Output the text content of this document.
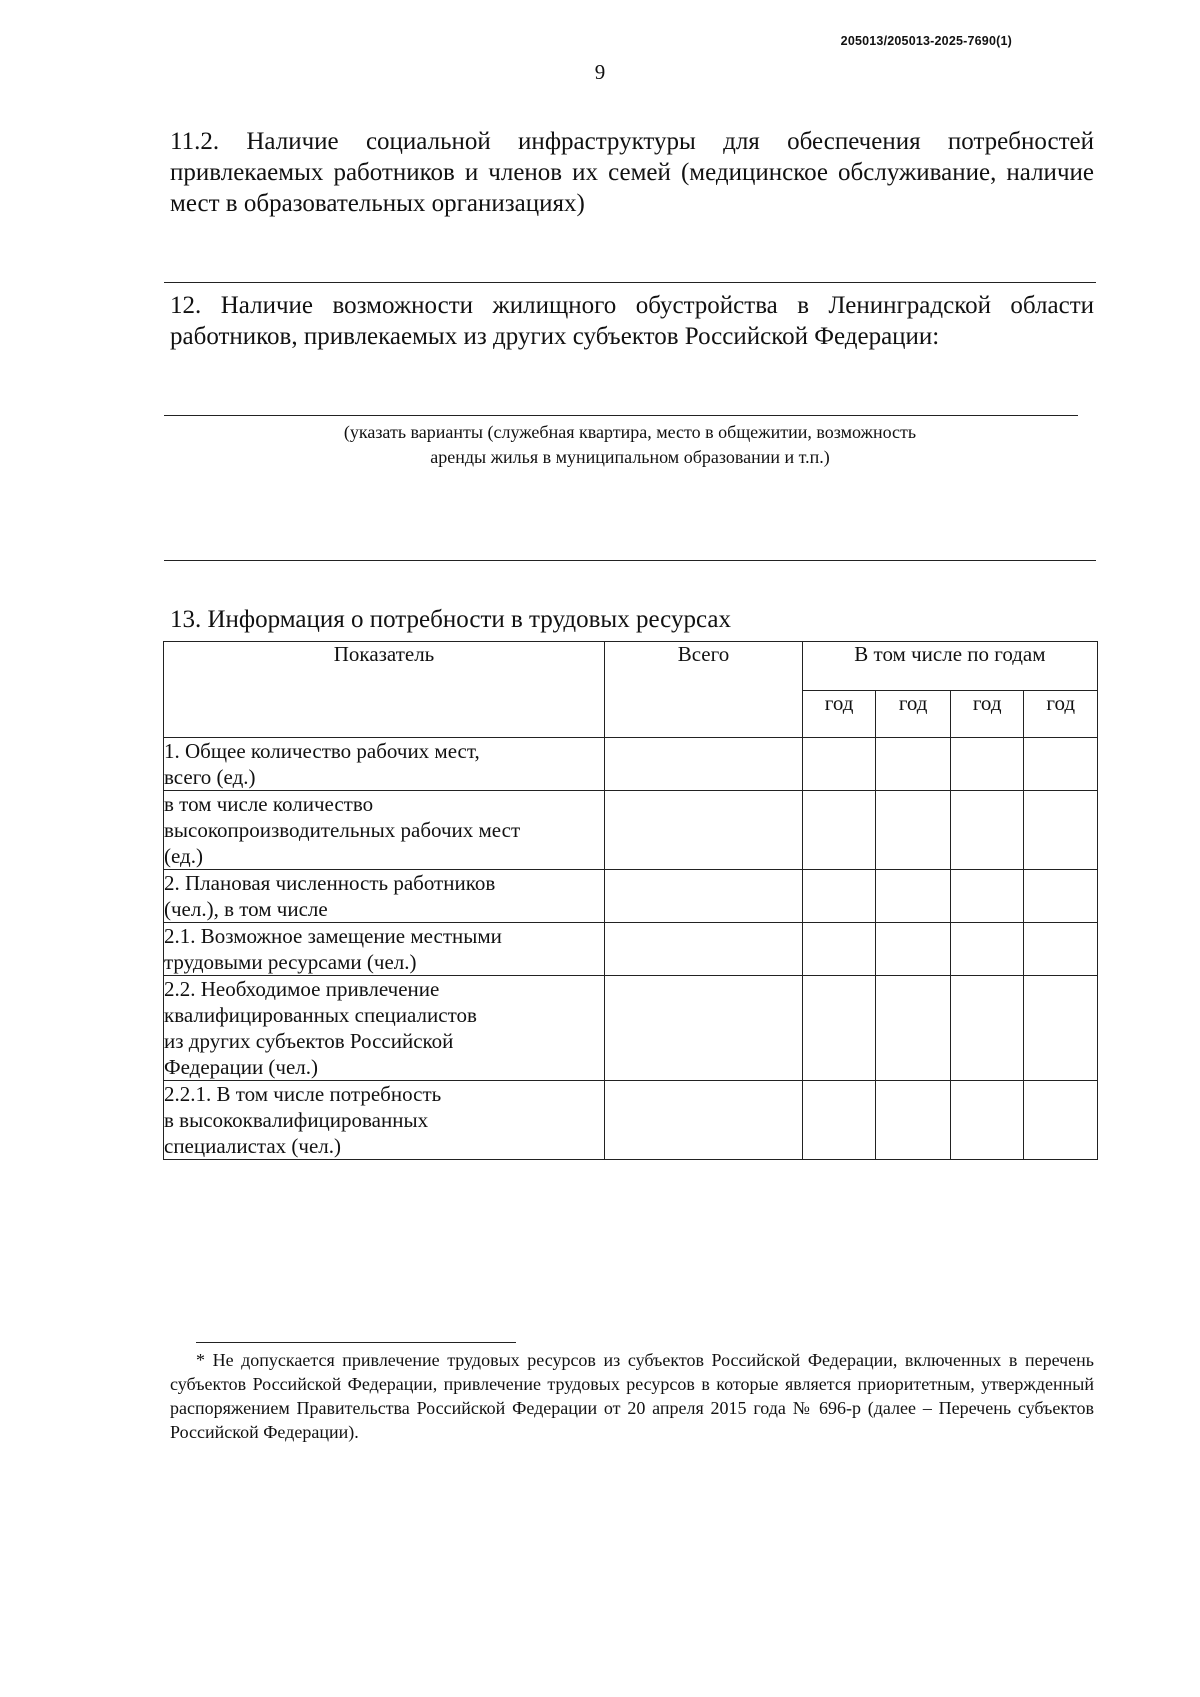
205013/205013-2025-7690(1)
9
11.2. Наличие социальной инфраструктуры для обеспечения потребностей привлекаемых работников и членов их семей (медицинское обслуживание, наличие мест в образовательных организациях)
12. Наличие возможности жилищного обустройства в Ленинградской области работников, привлекаемых из других субъектов Российской Федерации:
(указать варианты (служебная квартира, место в общежитии, возможность
аренды жилья в муниципальном образовании и т.п.)
13. Информация о потребности в трудовых ресурсах
Показатель	Всего	В том числе по годам			
		год	год	год	год

1. Общее количество рабочих мест,
всего (ед.)					

в том числе количество
высокопроизводительных рабочих мест
(ед.)					

2. Плановая численность работников
(чел.), в том числе					

2.1. Возможное замещение местными
трудовыми ресурсами (чел.)					

2.2. Необходимое привлечение
квалифицированных специалистов
из других субъектов Российской
Федерации (чел.)					

2.2.1. В том числе потребность
в высококвалифицированных
специалистах (чел.)					

* Не допускается привлечение трудовых ресурсов из субъектов Российской Федерации, включенных в перечень субъектов Российской Федерации, привлечение трудовых ресурсов в которые является приоритетным, утвержденный распоряжением Правительства Российской Федерации от 20 апреля 2015 года № 696-р (далее – Перечень субъектов Российской Федерации).
